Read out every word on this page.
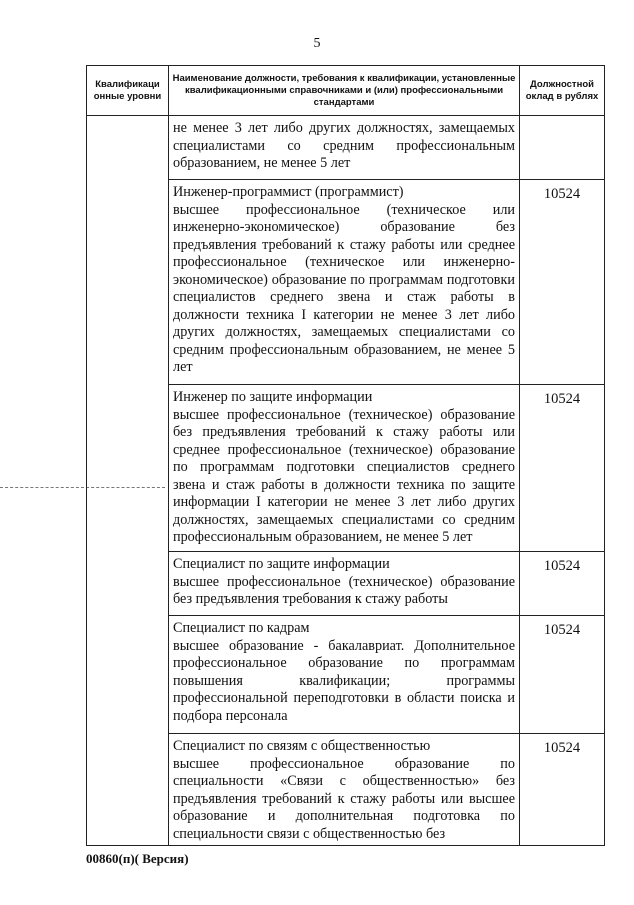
5
Квалификаци онные уровни	Наименование должности, требования к квалификации, установленные квалификационными справочниками и (или) профессиональными стандартами	Должностной оклад в рублях

	не менее 3 лет либо других должностях, замещаемых специалистами со средним профессиональным образованием, не менее 5 лет	

	Инженер-программист (программист)
высшее профессиональное (техническое или инженерно-экономическое) образование без предъявления требований к стажу работы или среднее профессиональное (техническое или инженерно-экономическое) образование по программам подготовки специалистов среднего звена и стаж работы в должности техника I категории не менее 3 лет либо других должностях, замещаемых специалистами со средним профессиональным образованием, не менее 5 лет	10524

	Инженер по защите информации
высшее профессиональное (техническое) образование без предъявления требований к стажу работы или среднее профессиональное (техническое) образование по программам подготовки специалистов среднего звена и стаж работы в должности техника по защите информации I категории не менее 3 лет либо других должностях, замещаемых специалистами со средним профессиональным образованием, не менее 5 лет	10524

	Специалист по защите информации
высшее профессиональное (техническое) образование без предъявления требования к стажу работы	10524

	Специалист по кадрам
высшее образование - бакалавриат. Дополнительное профессиональное образование по программам повышения квалификации; программы профессиональной переподготовки в области поиска и подбора персонала	10524

	Специалист по связям с общественностью
высшее профессиональное образование по специальности «Связи с общественностью» без предъявления требований к стажу работы или высшее образование и дополнительная подготовка по специальности связи с общественностью без	10524
00860(п)( Версия)
